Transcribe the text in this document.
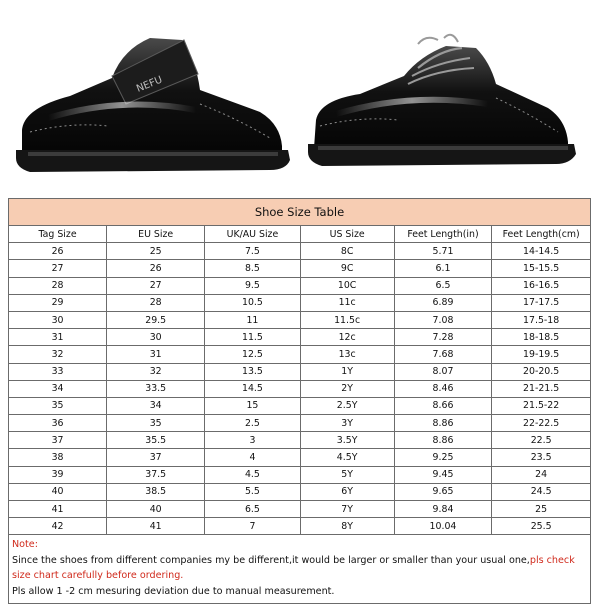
NEFU
Shoe Size Table
Tag Size	EU Size	UK/AU Size	US Size	Feet Length(in)	Feet Length(cm)
26	25	7.5	8C	5.71	14-14.5
27	26	8.5	9C	6.1	15-15.5
28	27	9.5	10C	6.5	16-16.5
29	28	10.5	11c	6.89	17-17.5
30	29.5	11	11.5c	7.08	17.5-18
31	30	11.5	12c	7.28	18-18.5
32	31	12.5	13c	7.68	19-19.5
33	32	13.5	1Y	8.07	20-20.5
34	33.5	14.5	2Y	8.46	21-21.5
35	34	15	2.5Y	8.66	21.5-22
36	35	2.5	3Y	8.86	22-22.5
37	35.5	3	3.5Y	8.86	22.5
38	37	4	4.5Y	9.25	23.5
39	37.5	4.5	5Y	9.45	24
40	38.5	5.5	6Y	9.65	24.5
41	40	6.5	7Y	9.84	25
42	41	7	8Y	10.04	25.5
Note:
Since the shoes from different companies my be different,it would be larger or smaller than your usual one,pls check size chart carefully before ordering.
Pls allow 1 -2 cm mesuring deviation due to manual measurement.
